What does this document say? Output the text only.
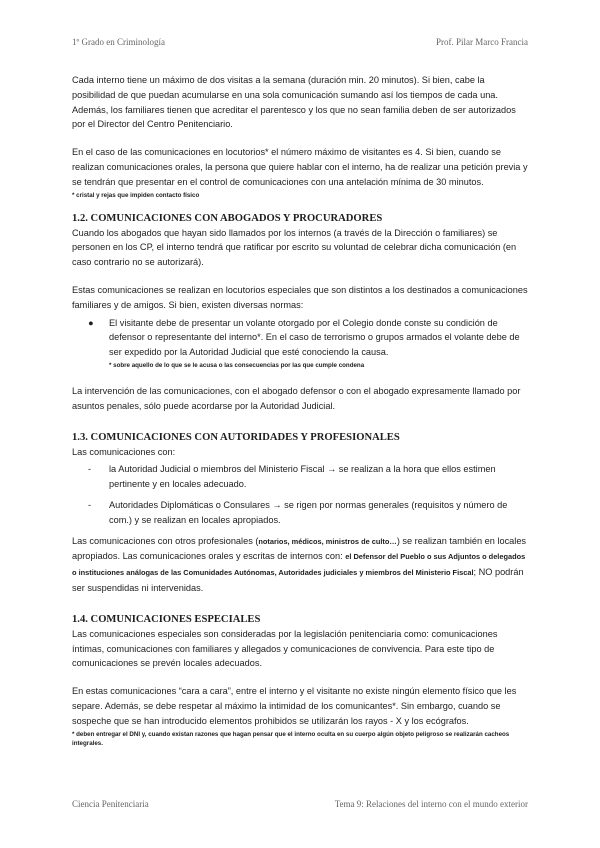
1º Grado en Criminología	Prof. Pilar Marco Francia

Cada interno tiene un máximo de dos visitas a la semana (duración min. 20 minutos). Si bien, cabe la posibilidad de que puedan acumularse en una sola comunicación sumando así los tiempos de cada una. Además, los familiares tienen que acreditar el parentesco y los que no sean familia deben de ser autorizados por el Director del Centro Penitenciario.

En el caso de las comunicaciones en locutorios* el número máximo de visitantes es 4. Si bien, cuando se realizan comunicaciones orales, la persona que quiere hablar con el interno, ha de realizar una petición previa y se tendrán que presentar en el control de comunicaciones con una antelación mínima de 30 minutos.

* cristal y rejas que impiden contacto físico
1.2. COMUNICACIONES CON ABOGADOS Y PROCURADORES

Cuando los abogados que hayan sido llamados por los internos (a través de la Dirección o familiares) se personen en los CP, el interno tendrá que ratificar por escrito su voluntad de celebrar dicha comunicación (en caso contrario no se autorizará).

Estas comunicaciones se realizan en locutorios especiales que son distintos a los destinados a comunicaciones familiares y de amigos. Si bien, existen diversas normas:

● El visitante debe de presentar un volante otorgado por el Colegio donde conste su condición de defensor o representante del interno*. En el caso de terrorismo o grupos armados el volante debe de ser expedido por la Autoridad Judicial que esté conociendo la causa.
* sobre aquello de lo que se le acusa o las consecuencias por las que cumple condena

La intervención de las comunicaciones, con el abogado defensor o con el abogado expresamente llamado por asuntos penales, sólo puede acordarse por la Autoridad Judicial.

1.3. COMUNICACIONES CON AUTORIDADES Y PROFESIONALES

Las comunicaciones con:

- la Autoridad Judicial o miembros del Ministerio Fiscal → se realizan a la hora que ellos estimen pertinente y en locales adecuado.
- Autoridades Diplomáticas o Consulares → se rigen por normas generales (requisitos y número de com.) y se realizan en locales apropiados.

Las comunicaciones con otros profesionales (notarios, médicos, ministros de culto…) se realizan también en locales apropiados. Las comunicaciones orales y escritas de internos con: el Defensor del Pueblo o sus Adjuntos o delegados o instituciones análogas de las Comunidades Autónomas, Autoridades judiciales y miembros del Ministerio Fiscal; NO podrán ser suspendidas ni intervenidas.

1.4. COMUNICACIONES ESPECIALES

Las comunicaciones especiales son consideradas por la legislación penitenciaria como: comunicaciones íntimas, comunicaciones con familiares y allegados y comunicaciones de convivencia. Para este tipo de comunicaciones se prevén locales adecuados.

En estas comunicaciones “cara a cara”, entre el interno y el visitante no existe ningún elemento físico que les separe. Además, se debe respetar al máximo la intimidad de los comunicantes*. Sin embargo, cuando se sospeche que se han introducido elementos prohibidos se utilizarán los rayos - X y los ecógrafos.

* deben entregar el DNI y, cuando existan razones que hagan pensar que el interno oculta en su cuerpo algún objeto peligroso se realizarán cacheos integrales.
Ciencia Penitenciaria	Tema 9: Relaciones del interno con el mundo exterior
